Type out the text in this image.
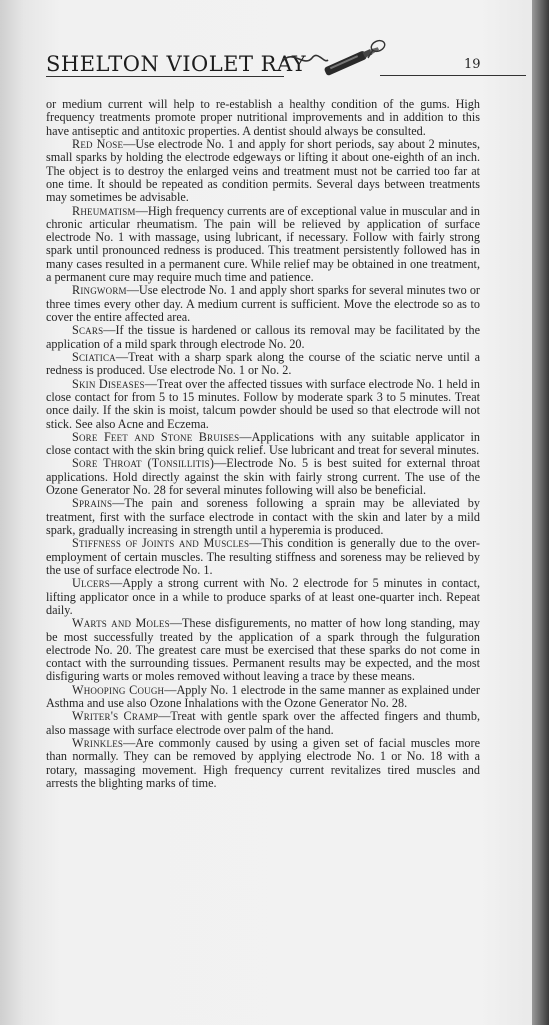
SHELTON VIOLET RAY	19

or medium current will help to re-establish a healthy condition of the gums. High frequency treatments promote proper nutritional improvements and in addition to this have antiseptic and antitoxic properties. A dentist should always be consulted.

Red Nose—Use electrode No. 1 and apply for short periods, say about 2 minutes, small sparks by holding the electrode edgeways or lifting it about one-eighth of an inch. The object is to destroy the enlarged veins and treatment must not be carried too far at one time. It should be repeated as condition permits. Several days between treatments may sometimes be advisable.

Rheumatism—High frequency currents are of exceptional value in muscular and in chronic articular rheumatism. The pain will be relieved by application of surface electrode No. 1 with massage, using lubricant, if necessary. Follow with fairly strong spark until pronounced redness is produced. This treatment persistently followed has in many cases resulted in a permanent cure. While relief may be obtained in one treatment, a permanent cure may require much time and patience.

Ringworm—Use electrode No. 1 and apply short sparks for several minutes two or three times every other day. A medium current is sufficient. Move the electrode so as to cover the entire affected area.

Scars—If the tissue is hardened or callous its removal may be facilitated by the application of a mild spark through electrode No. 20.

Sciatica—Treat with a sharp spark along the course of the sciatic nerve until a redness is produced. Use electrode No. 1 or No. 2.

Skin Diseases—Treat over the affected tissues with surface electrode No. 1 held in close contact for from 5 to 15 minutes. Follow by moderate spark 3 to 5 minutes. Treat once daily. If the skin is moist, talcum powder should be used so that electrode will not stick. See also Acne and Eczema.

Sore Feet and Stone Bruises—Applications with any suitable applicator in close contact with the skin bring quick relief. Use lubricant and treat for several minutes.

Sore Throat (Tonsillitis)—Electrode No. 5 is best suited for external throat applications. Hold directly against the skin with fairly strong current. The use of the Ozone Generator No. 28 for several minutes following will also be beneficial.

Sprains—The pain and soreness following a sprain may be alleviated by treatment, first with the surface electrode in contact with the skin and later by a mild spark, gradually increasing in strength until a hyperemia is produced.

Stiffness of Joints and Muscles—This condition is generally due to the over-employment of certain muscles. The resulting stiffness and soreness may be relieved by the use of surface electrode No. 1.

Ulcers—Apply a strong current with No. 2 electrode for 5 minutes in contact, lifting applicator once in a while to produce sparks of at least one-quarter inch. Repeat daily.

Warts and Moles—These disfigurements, no matter of how long standing, may be most successfully treated by the application of a spark through the fulguration electrode No. 20. The greatest care must be exercised that these sparks do not come in contact with the surrounding tissues. Permanent results may be expected, and the most disfiguring warts or moles removed without leaving a trace by these means.

Whooping Cough—Apply No. 1 electrode in the same manner as explained under Asthma and use also Ozone Inhalations with the Ozone Generator No. 28.

Writer's Cramp—Treat with gentle spark over the affected fingers and thumb, also massage with surface electrode over palm of the hand.

Wrinkles—Are commonly caused by using a given set of facial muscles more than normally. They can be removed by applying electrode No. 1 or No. 18 with a rotary, massaging movement. High frequency current revitalizes tired muscles and arrests the blighting marks of time.
